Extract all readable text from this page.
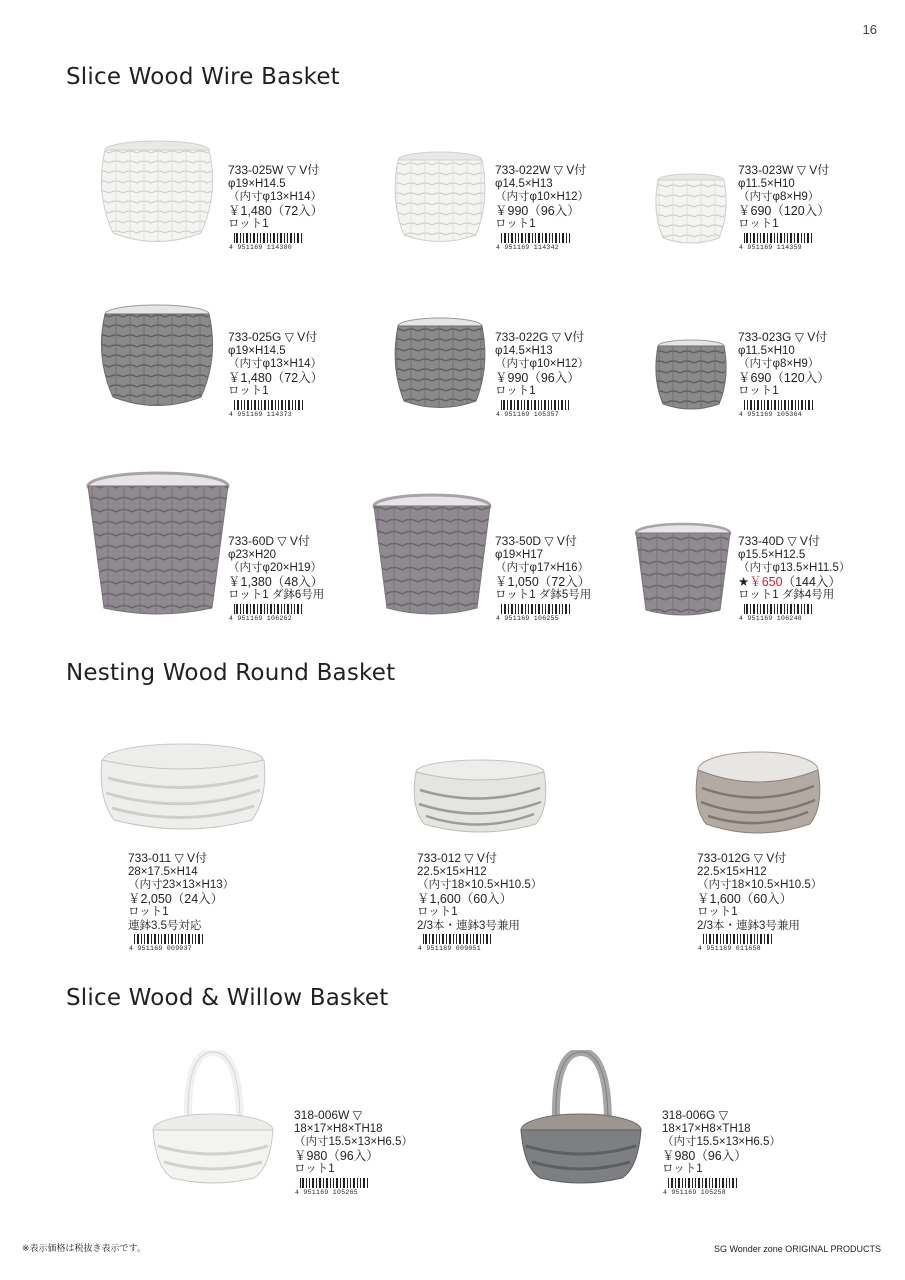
16
Slice Wood Wire Basket
Nesting Wood Round Basket
Slice Wood & Willow Basket
733-025W ▽ V付
φ19×H14.5
（内寸φ13×H14）
￥1,480（72入）
ロット1
4 951169 114380
733-022W ▽ V付
φ14.5×H13
（内寸φ10×H12）
￥990（96入）
ロット1
4 951169 114342
733-023W ▽ V付
φ11.5×H10
（内寸φ8×H9）
￥690（120入）
ロット1
4 951169 114359
733-025G ▽ V付
φ19×H14.5
（内寸φ13×H14）
￥1,480（72入）
ロット1
4 951169 114373
733-022G ▽ V付
φ14.5×H13
（内寸φ10×H12）
￥990（96入）
ロット1
4 951169 105357
733-023G ▽ V付
φ11.5×H10
（内寸φ8×H9）
￥690（120入）
ロット1
4 951169 105364
733-60D ▽ V付
φ23×H20
（内寸φ20×H19）
￥1,380（48入）
ロット1 ダ鉢6号用
4 951169 106262
733-50D ▽ V付
φ19×H17
（内寸φ17×H16）
￥1,050（72入）
ロット1 ダ鉢5号用
4 951169 106255
733-40D ▽ V付
φ15.5×H12.5
（内寸φ13.5×H11.5）
★￥650（144入）
ロット1 ダ鉢4号用
4 951169 106248
733-011 ▽ V付
28×17.5×H14
（内寸23×13×H13）
￥2,050（24入）
ロット1
連鉢3.5号対応
4 951169 009037
733-012 ▽ V付
22.5×15×H12
（内寸18×10.5×H10.5）
￥1,600（60入）
ロット1
2/3本・連鉢3号兼用
4 951169 009051
733-012G ▽ V付
22.5×15×H12
（内寸18×10.5×H10.5）
￥1,600（60入）
ロット1
2/3本・連鉢3号兼用
4 951169 011658
318-006W ▽
18×17×H8×TH18
（内寸15.5×13×H6.5）
￥980（96入）
ロット1
4 951169 105265
318-006G ▽
18×17×H8×TH18
（内寸15.5×13×H6.5）
￥980（96入）
ロット1
4 951169 105258
※表示価格は税抜き表示です。	SG Wonder zone ORIGINAL PRODUCTS
